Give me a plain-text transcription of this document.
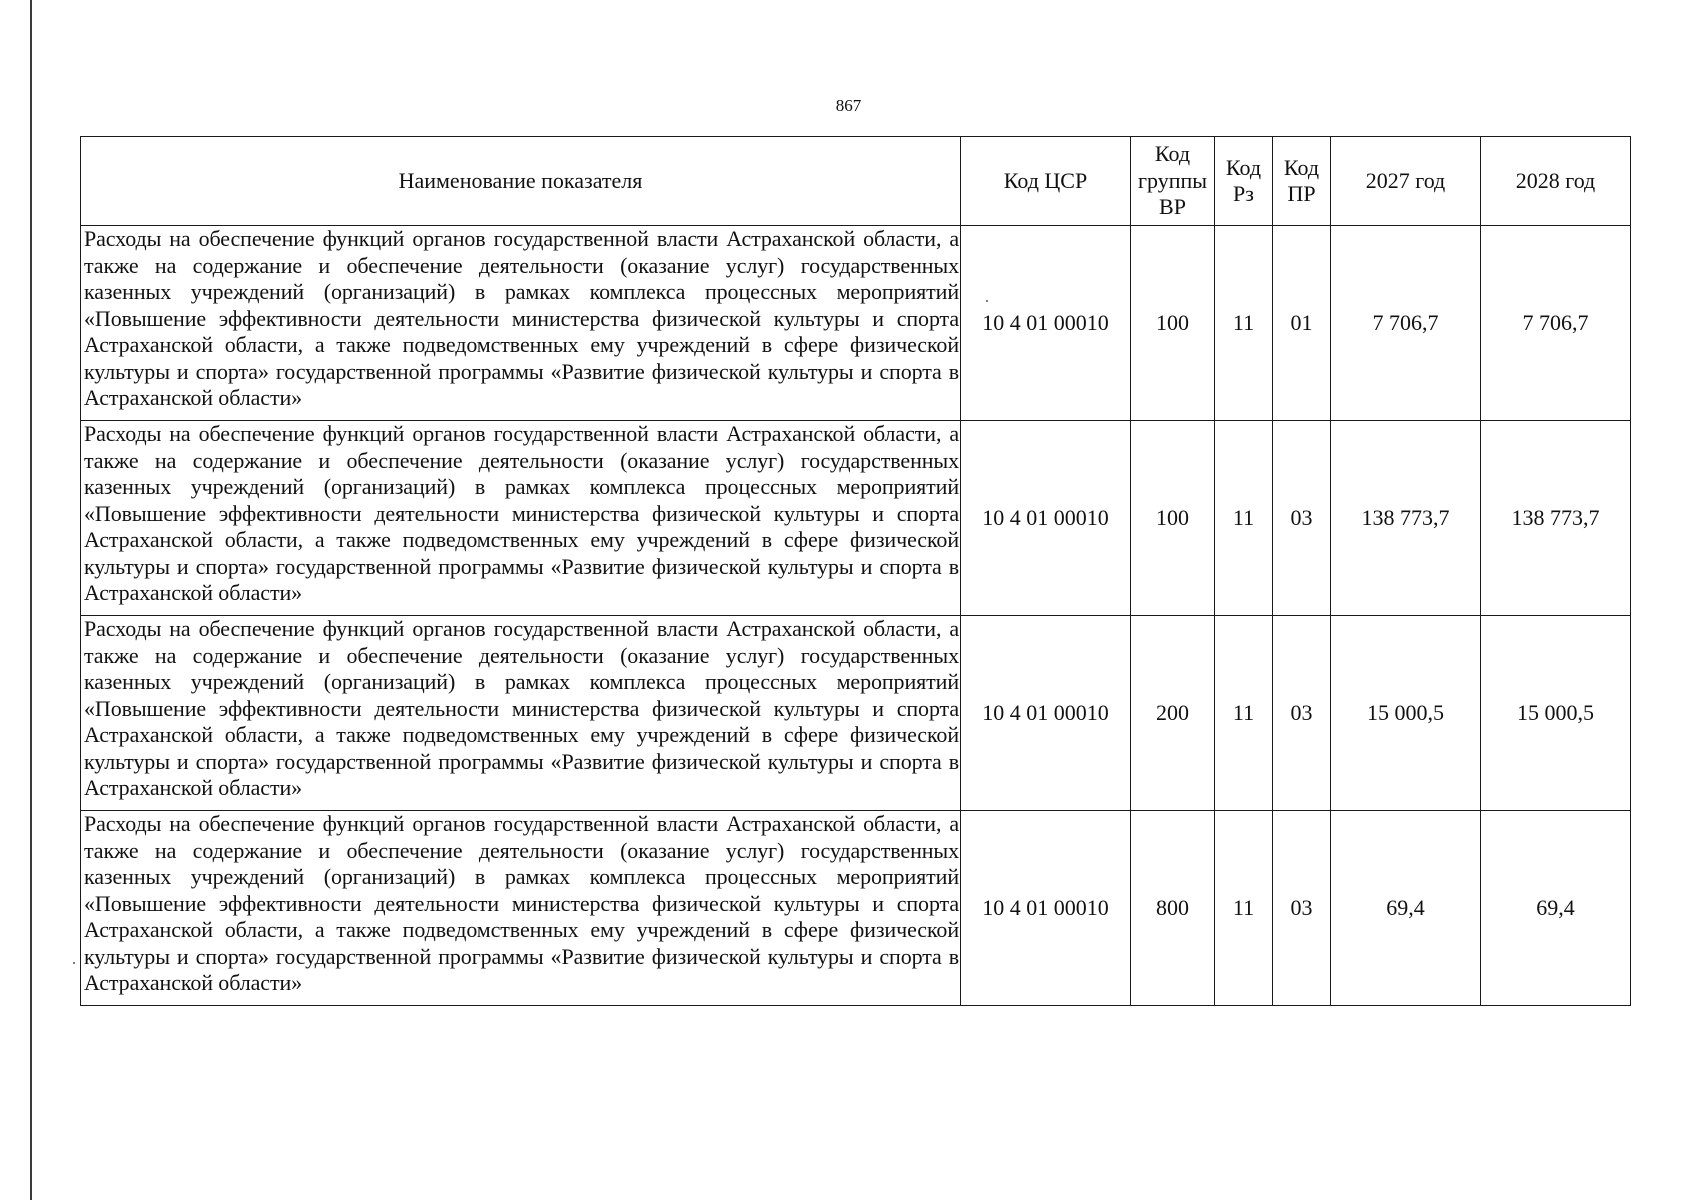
867
Наименование показателя	Код ЦСР	Код группы ВР	Код Рз	Код ПР	2027 год	2028 год
Расходы на обеспечение функций органов государственной власти Астраханской области, а также на содержание и обеспечение деятельности (оказание услуг) государственных казенных учреждений (организаций) в рамках комплекса процессных мероприятий «Повышение эффективности деятельности министерства физической культуры и спорта Астраханской области, а также подведомственных ему учреждений в сфере физической культуры и спорта» государственной программы «Развитие физической культуры и спорта в Астраханской области»	10 4 01 00010	100	11	01	7 706,7	7 706,7
Расходы на обеспечение функций органов государственной власти Астраханской области, а также на содержание и обеспечение деятельности (оказание услуг) государственных казенных учреждений (организаций) в рамках комплекса процессных мероприятий «Повышение эффективности деятельности министерства физической культуры и спорта Астраханской области, а также подведомственных ему учреждений в сфере физической культуры и спорта» государственной программы «Развитие физической культуры и спорта в Астраханской области»	10 4 01 00010	100	11	03	138 773,7	138 773,7
Расходы на обеспечение функций органов государственной власти Астраханской области, а также на содержание и обеспечение деятельности (оказание услуг) государственных казенных учреждений (организаций) в рамках комплекса процессных мероприятий «Повышение эффективности деятельности министерства физической культуры и спорта Астраханской области, а также подведомственных ему учреждений в сфере физической культуры и спорта» государственной программы «Развитие физической культуры и спорта в Астраханской области»	10 4 01 00010	200	11	03	15 000,5	15 000,5
Расходы на обеспечение функций органов государственной власти Астраханской области, а также на содержание и обеспечение деятельности (оказание услуг) государственных казенных учреждений (организаций) в рамках комплекса процессных мероприятий «Повышение эффективности деятельности министерства физической культуры и спорта Астраханской области, а также подведомственных ему учреждений в сфере физической культуры и спорта» государственной программы «Развитие физической культуры и спорта в Астраханской области»	10 4 01 00010	800	11	03	69,4	69,4
